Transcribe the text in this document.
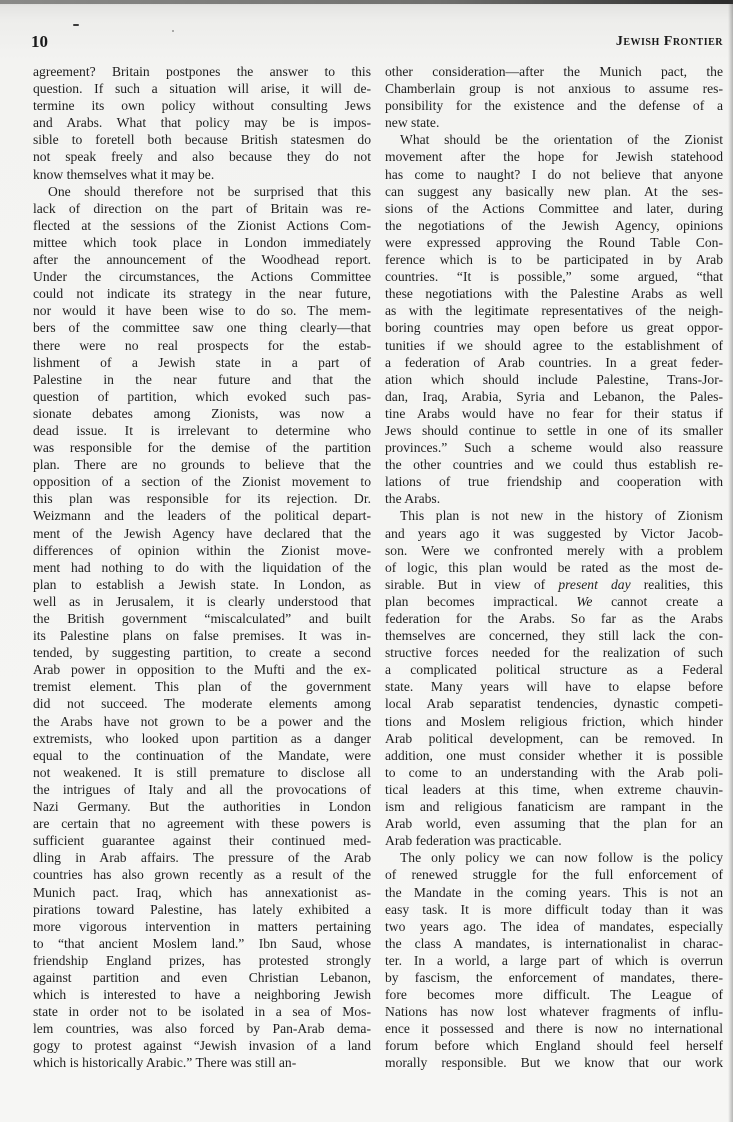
10	Jewish Frontier

agreement? Britain postpones the answer to this
question. If such a situation will arise, it will de-
termine its own policy without consulting Jews
and Arabs. What that policy may be is impos-
sible to foretell both because British statesmen do
not speak freely and also because they do not
know themselves what it may be.

One should therefore not be surprised that this
lack of direction on the part of Britain was re-
flected at the sessions of the Zionist Actions Com-
mittee which took place in London immediately
after the announcement of the Woodhead report.
Under the circumstances, the Actions Committee
could not indicate its strategy in the near future,
nor would it have been wise to do so. The mem-
bers of the committee saw one thing clearly—that
there were no real prospects for the estab-
lishment of a Jewish state in a part of
Palestine in the near future and that the
question of partition, which evoked such pas-
sionate debates among Zionists, was now a
dead issue. It is irrelevant to determine who
was responsible for the demise of the partition
plan. There are no grounds to believe that the
opposition of a section of the Zionist movement to
this plan was responsible for its rejection. Dr.
Weizmann and the leaders of the political depart-
ment of the Jewish Agency have declared that the
differences of opinion within the Zionist move-
ment had nothing to do with the liquidation of the
plan to establish a Jewish state. In London, as
well as in Jerusalem, it is clearly understood that
the British government “miscalculated” and built
its Palestine plans on false premises. It was in-
tended, by suggesting partition, to create a second
Arab power in opposition to the Mufti and the ex-
tremist element. This plan of the government
did not succeed. The moderate elements among
the Arabs have not grown to be a power and the
extremists, who looked upon partition as a danger
equal to the continuation of the Mandate, were
not weakened. It is still premature to disclose all
the intrigues of Italy and all the provocations of
Nazi Germany. But the authorities in London
are certain that no agreement with these powers is
sufficient guarantee against their continued med-
dling in Arab affairs. The pressure of the Arab
countries has also grown recently as a result of the
Munich pact. Iraq, which has annexationist as-
pirations toward Palestine, has lately exhibited a
more vigorous intervention in matters pertaining
to “that ancient Moslem land.” Ibn Saud, whose
friendship England prizes, has protested strongly
against partition and even Christian Lebanon,
which is interested to have a neighboring Jewish
state in order not to be isolated in a sea of Mos-
lem countries, was also forced by Pan-Arab dema-
gogy to protest against “Jewish invasion of a land
which is historically Arabic.” There was still an-

other consideration—after the Munich pact, the
Chamberlain group is not anxious to assume res-
ponsibility for the existence and the defense of a
new state.

What should be the orientation of the Zionist
movement after the hope for Jewish statehood
has come to naught? I do not believe that anyone
can suggest any basically new plan. At the ses-
sions of the Actions Committee and later, during
the negotiations of the Jewish Agency, opinions
were expressed approving the Round Table Con-
ference which is to be participated in by Arab
countries. “It is possible,” some argued, “that
these negotiations with the Palestine Arabs as well
as with the legitimate representatives of the neigh-
boring countries may open before us great oppor-
tunities if we should agree to the establishment of
a federation of Arab countries. In a great feder-
ation which should include Palestine, Trans-Jor-
dan, Iraq, Arabia, Syria and Lebanon, the Pales-
tine Arabs would have no fear for their status if
Jews should continue to settle in one of its smaller
provinces.” Such a scheme would also reassure
the other countries and we could thus establish re-
lations of true friendship and cooperation with
the Arabs.

This plan is not new in the history of Zionism
and years ago it was suggested by Victor Jacob-
son. Were we confronted merely with a problem
of logic, this plan would be rated as the most de-
sirable. But in view of present day realities, this
plan becomes impractical. We cannot create a
federation for the Arabs. So far as the Arabs
themselves are concerned, they still lack the con-
structive forces needed for the realization of such
a complicated political structure as a Federal
state. Many years will have to elapse before
local Arab separatist tendencies, dynastic competi-
tions and Moslem religious friction, which hinder
Arab political development, can be removed. In
addition, one must consider whether it is possible
to come to an understanding with the Arab poli-
tical leaders at this time, when extreme chauvin-
ism and religious fanaticism are rampant in the
Arab world, even assuming that the plan for an
Arab federation was practicable.

The only policy we can now follow is the policy
of renewed struggle for the full enforcement of
the Mandate in the coming years. This is not an
easy task. It is more difficult today than it was
two years ago. The idea of mandates, especially
the class A mandates, is internationalist in charac-
ter. In a world, a large part of which is overrun
by fascism, the enforcement of mandates, there-
fore becomes more difficult. The League of
Nations has now lost whatever fragments of influ-
ence it possessed and there is now no international
forum before which England should feel herself
morally responsible. But we know that our work
